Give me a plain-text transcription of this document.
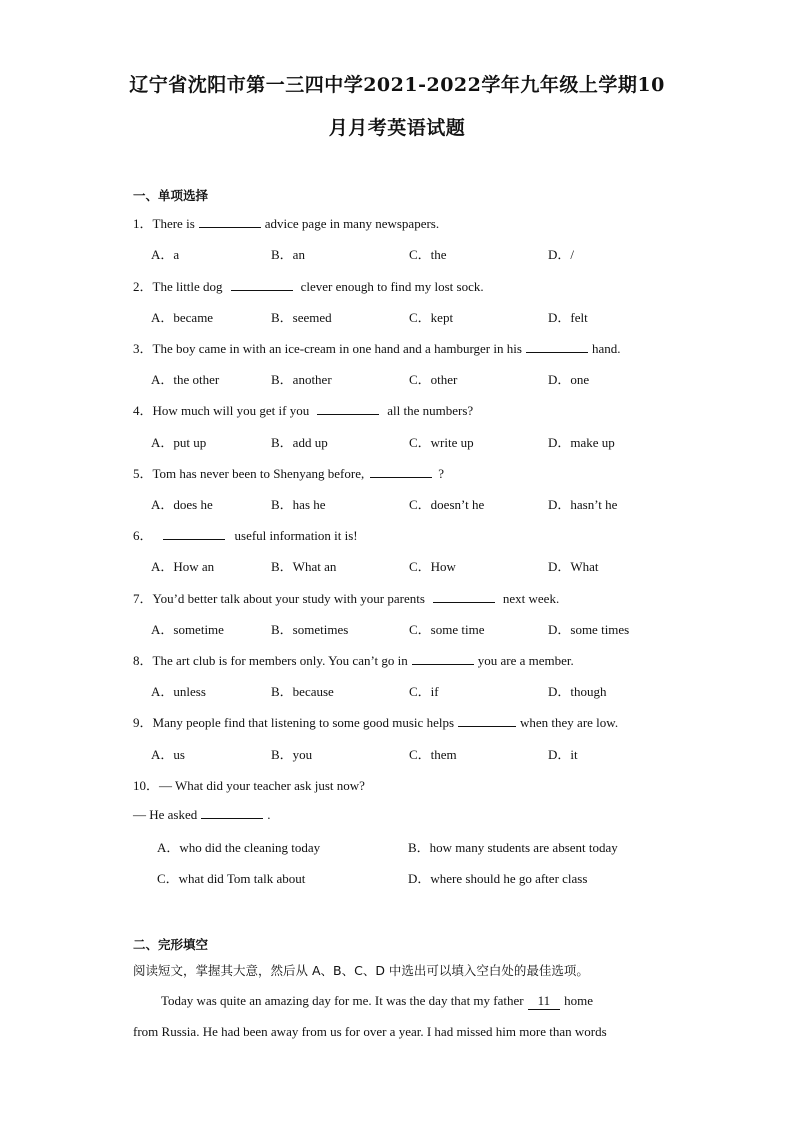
辽宁省沈阳市第一三四中学2021-2022学年九年级上学期10
月月考英语试题
一、单项选择
1．There is	advice page in many newspapers.
A．a	B．an	C．the	D．/
2．The little dog	clever enough to find my lost sock.
A．became	B．seemed	C．kept	D．felt
3．The boy came in with an ice-cream in one hand and a hamburger in his	hand.
A．the other	B．another	C．other	D．one
4．How much will you get if you	all the numbers?
A．put up	B．add up	C．write up	D．make up
5．Tom has never been to Shenyang before,	?
A．does he	B．has he	C．doesn’t he	D．hasn’t he
6．	useful information it is!
A．How an	B．What an	C．How	D．What
7．You’d better talk about your study with your parents	next week.
A．sometime	B．sometimes	C．some time	D．some times
8．The art club is for members only. You can’t go in	you are a member.
A．unless	B．because	C．if	D．though
9．Many people find that listening to some good music helps	when they are low.
A．us	B．you	C．them	D．it
10．— What did your teacher ask just now?
— He asked	.
A．who did the cleaning today	B．how many students are absent today
C．what did Tom talk about	D．where should he go after class
二、完形填空
阅读短文，掌握其大意，然后从 A、B、C、D 中选出可以填入空白处的最佳选项。
Today was quite an amazing day for me. It was the day that my father 11 home
from Russia. He had been away from us for over a year. I had missed him more than words
